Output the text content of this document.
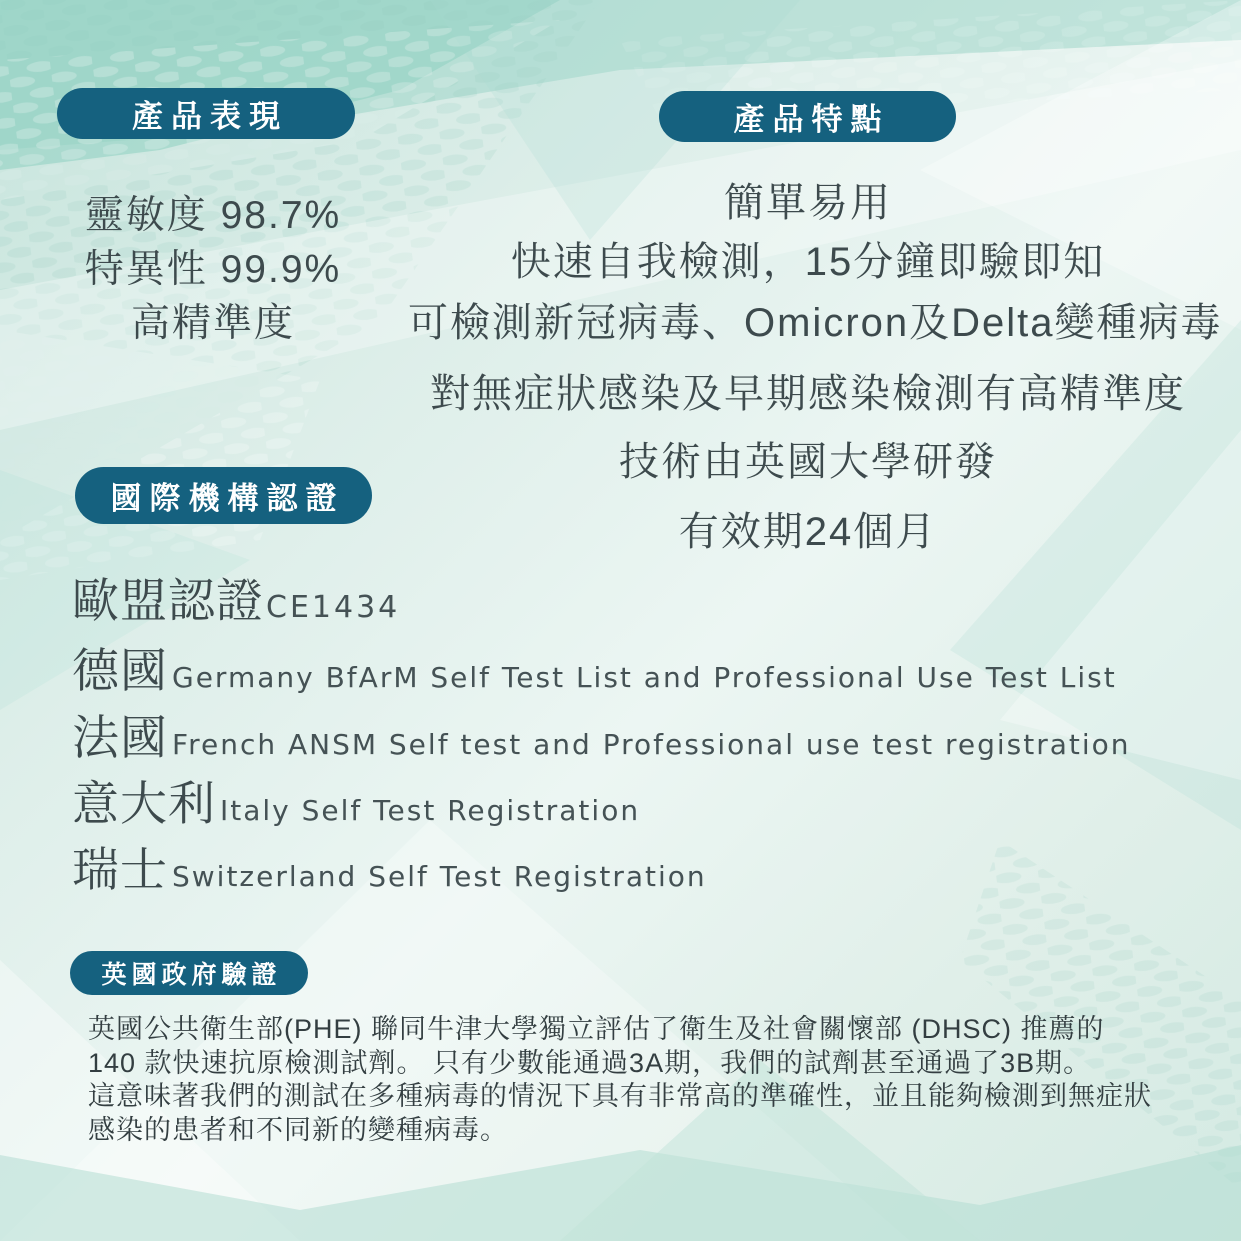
產品表現	產品特點
國際機構認證
英國政府驗證
靈敏度 98.7%
特異性 99.9%
高精準度
簡單易用
快速自我檢測，15分鐘即驗即知
可檢測新冠病毒、Omicron及Delta變種病毒
對無症狀感染及早期感染檢測有高精準度
技術由英國大學研發
有效期24個月
歐盟認證 CE1434
德國 Germany BfArM Self Test List and Professional Use Test List
法國 French ANSM Self test and Professional use test registration
意大利 Italy Self Test Registration
瑞士 Switzerland Self Test Registration
英國公共衛生部(PHE) 聯同牛津大學獨立評估了衛生及社會關懷部 (DHSC) 推薦的
140 款快速抗原檢測試劑。 只有少數能通過3A期，我們的試劑甚至通過了3B期。
這意味著我們的測試在多種病毒的情況下具有非常高的準確性，並且能夠檢測到無症狀
感染的患者和不同新的變種病毒。
